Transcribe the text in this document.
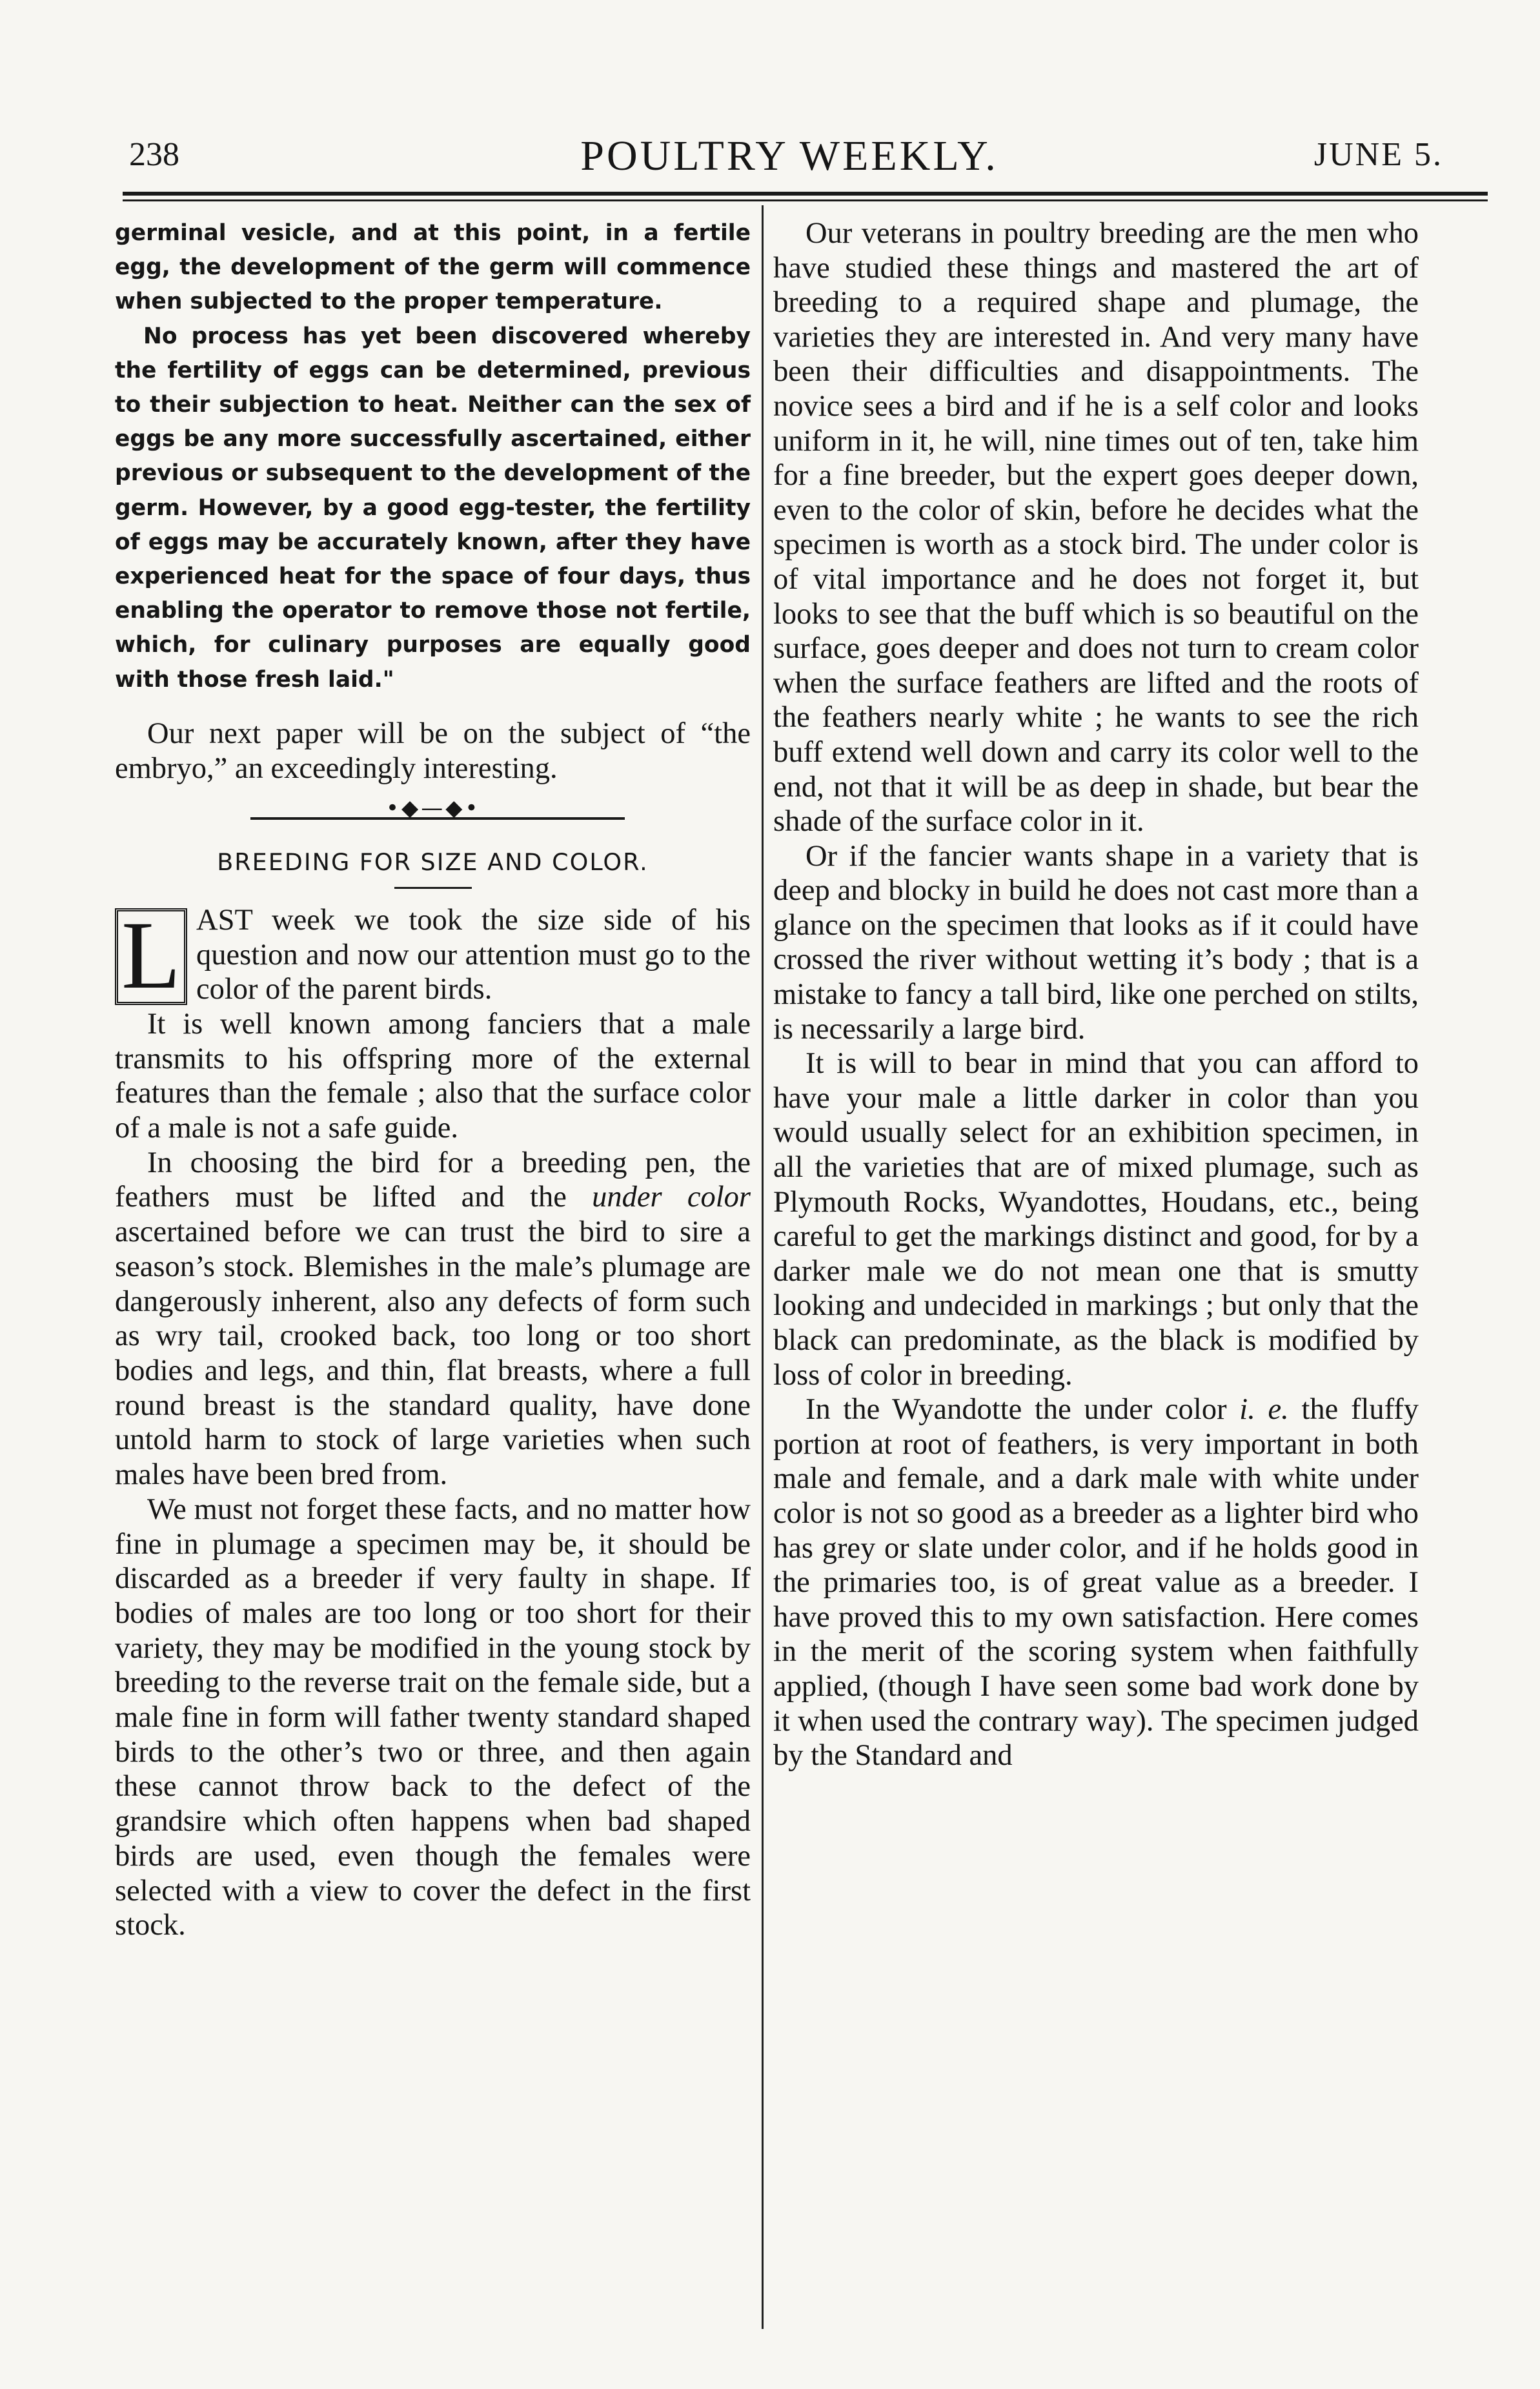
238	POULTRY WEEKLY.	JUNE 5.

germinal vesicle, and at this point, in a fertile egg, the development of the germ will commence when subjected to the proper temperature.

No process has yet been discovered whereby the fertility of eggs can be determined, previous to their subjection to heat. Neither can the sex of eggs be any more successfully ascertained, either previous or subsequent to the development of the germ. However, by a good egg-tester, the fertility of eggs may be accurately known, after they have experienced heat for the space of four days, thus enabling the operator to remove those not fertile, which, for culinary purposes are equally good with those fresh laid."

Our next paper will be on the subject of “the embryo,” an exceedingly interesting.

•◆—◆•
BREEDING FOR SIZE AND COLOR.

L AST week we took the size side of his question and now our attention must go to the color of the parent birds.

It is well known among fanciers that a male transmits to his offspring more of the external features than the female ; also that the surface color of a male is not a safe guide.

In choosing the bird for a breeding pen, the feathers must be lifted and the under color ascertained before we can trust the bird to sire a season’s stock. Blemishes in the male’s plumage are dangerously inherent, also any defects of form such as wry tail, crooked back, too long or too short bodies and legs, and thin, flat breasts, where a full round breast is the standard quality, have done untold harm to stock of large varieties when such males have been bred from.

We must not forget these facts, and no matter how fine in plumage a specimen may be, it should be discarded as a breeder if very faulty in shape. If bodies of males are too long or too short for their variety, they may be modified in the young stock by breeding to the reverse trait on the female side, but a male fine in form will father twenty standard shaped birds to the other’s two or three, and then again these cannot throw back to the defect of the grandsire which often happens when bad shaped birds are used, even though the females were selected with a view to cover the defect in the first stock.

Our veterans in poultry breeding are the men who have studied these things and mastered the art of breeding to a required shape and plumage, the varieties they are interested in. And very many have been their difficulties and disappointments. The novice sees a bird and if he is a self color and looks uniform in it, he will, nine times out of ten, take him for a fine breeder, but the expert goes deeper down, even to the color of skin, before he decides what the specimen is worth as a stock bird. The under color is of vital importance and he does not forget it, but looks to see that the buff which is so beautiful on the surface, goes deeper and does not turn to cream color when the surface feathers are lifted and the roots of the feathers nearly white ; he wants to see the rich buff extend well down and carry its color well to the end, not that it will be as deep in shade, but bear the shade of the surface color in it.

Or if the fancier wants shape in a variety that is deep and blocky in build he does not cast more than a glance on the specimen that looks as if it could have crossed the river without wetting it’s body ; that is a mistake to fancy a tall bird, like one perched on stilts, is necessarily a large bird.

It is will to bear in mind that you can afford to have your male a little darker in color than you would usually select for an exhibition specimen, in all the varieties that are of mixed plumage, such as Plymouth Rocks, Wyandottes, Houdans, etc., being careful to get the markings distinct and good, for by a darker male we do not mean one that is smutty looking and undecided in markings ; but only that the black can predominate, as the black is modified by loss of color in breeding.

In the Wyandotte the under color i. e. the fluffy portion at root of feathers, is very important in both male and female, and a dark male with white under color is not so good as a breeder as a lighter bird who has grey or slate under color, and if he holds good in the primaries too, is of great value as a breeder. I have proved this to my own satisfaction. Here comes in the merit of the scoring system when faithfully applied, (though I have seen some bad work done by it when used the contrary way). The specimen judged by the Standard and
